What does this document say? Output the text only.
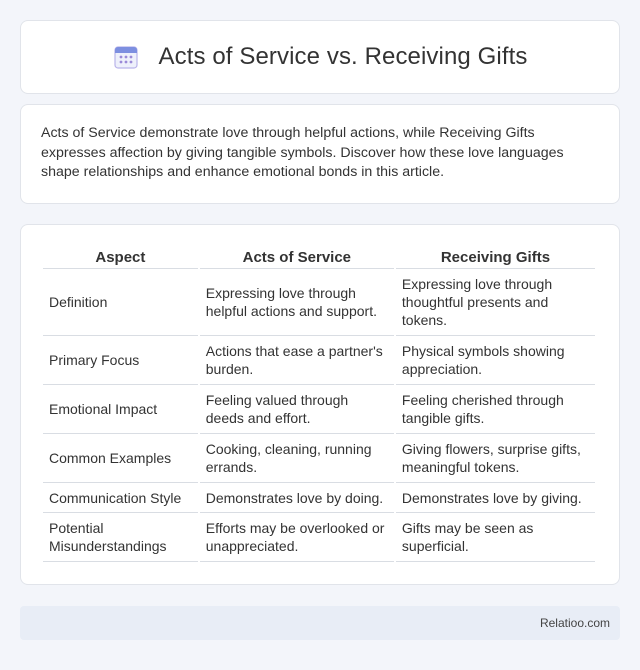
Acts of Service vs. Receiving Gifts

Acts of Service demonstrate love through helpful actions, while Receiving Gifts expresses affection by giving tangible symbols. Discover how these love languages shape relationships and enhance emotional bonds in this article.

Aspect	Acts of Service	Receiving Gifts
Definition	Expressing love through helpful actions and support.	Expressing love through thoughtful presents and tokens.
Primary Focus	Actions that ease a partner's burden.	Physical symbols showing appreciation.
Emotional Impact	Feeling valued through deeds and effort.	Feeling cherished through tangible gifts.
Common Examples	Cooking, cleaning, running errands.	Giving flowers, surprise gifts, meaningful tokens.
Communication Style	Demonstrates love by doing.	Demonstrates love by giving.
Potential Misunderstandings	Efforts may be overlooked or unappreciated.	Gifts may be seen as superficial.
Relatioo.com
